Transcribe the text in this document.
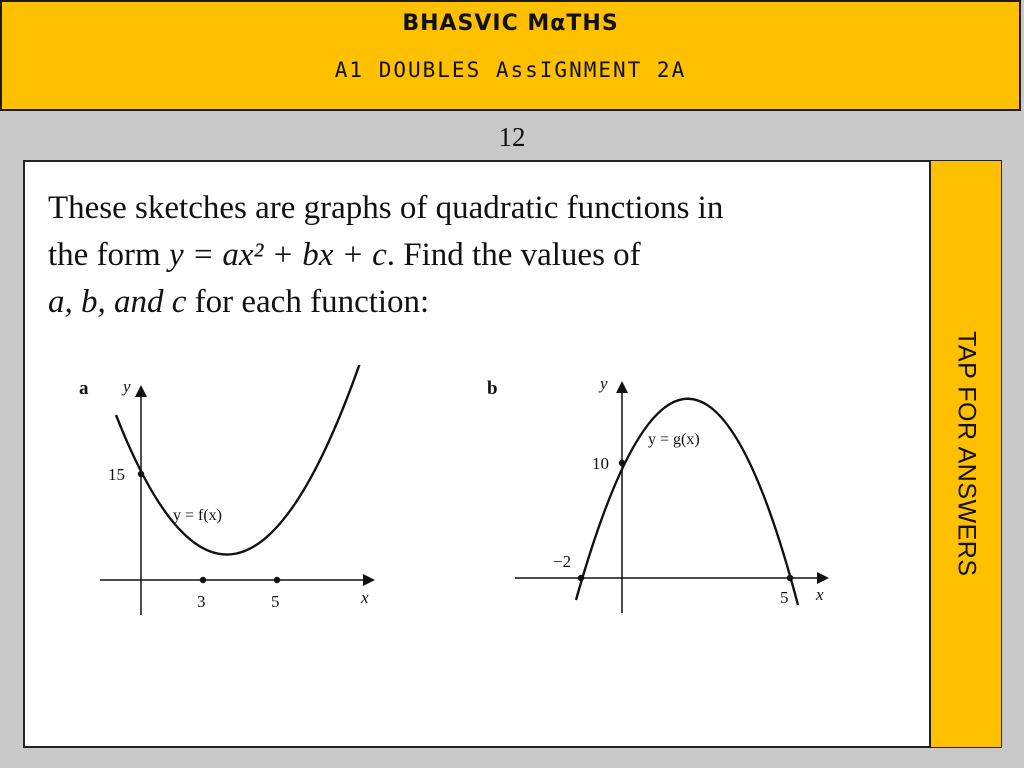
BHASVIC MαTHS
A1 DOUBLES AssIGNMENT 2A
12
These sketches are graphs of quadratic functions in
the form y = ax² + bx + c. Find the values of
a, b, and c for each function:
a y
x
15
3	5
y = f(x)
b	y
x
10
−2
5
y = g(x)	TAP FOR ANSWERS
